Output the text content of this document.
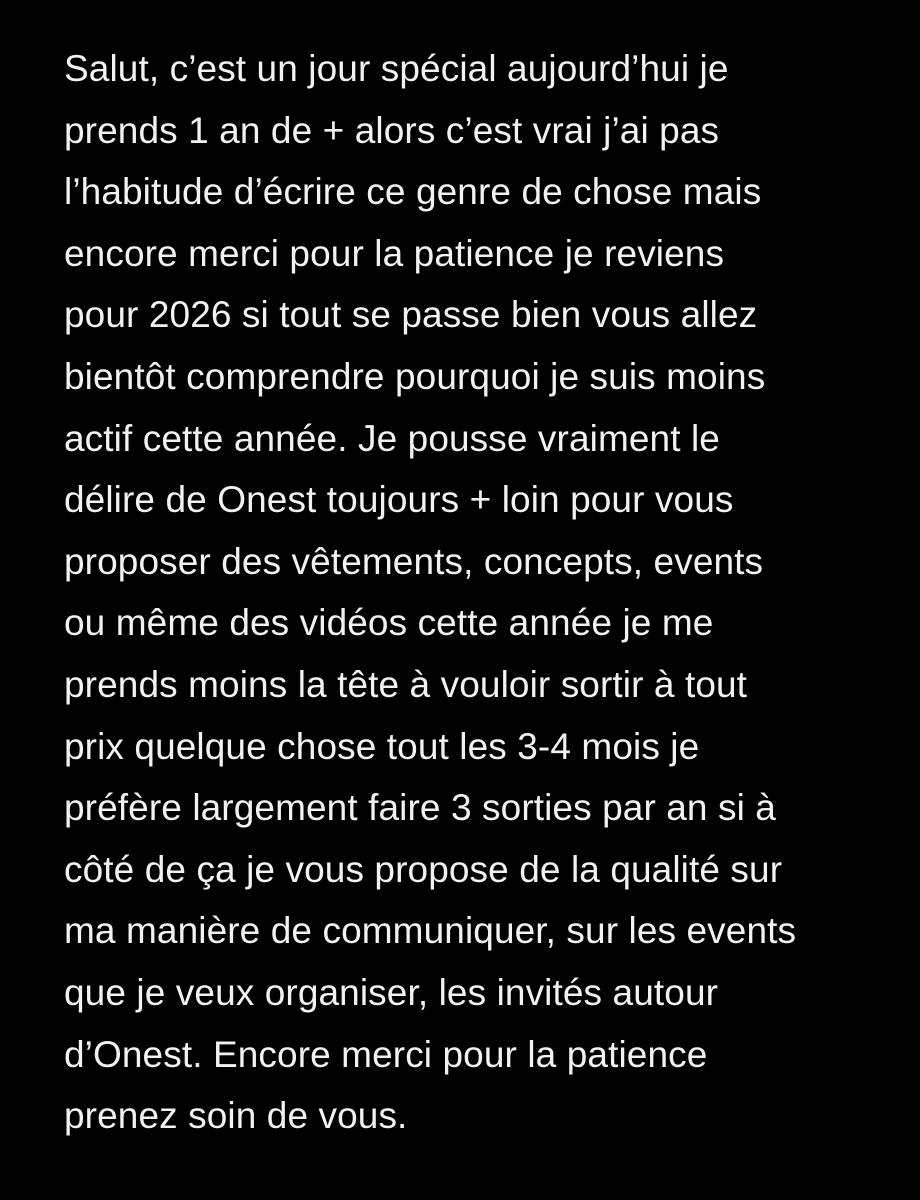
Salut, c’est un jour spécial aujourd’hui je
prends 1 an de + alors c’est vrai j’ai pas
l’habitude d’écrire ce genre de chose mais
encore merci pour la patience je reviens
pour 2026 si tout se passe bien vous allez
bientôt comprendre pourquoi je suis moins
actif cette année. Je pousse vraiment le
délire de Onest toujours + loin pour vous
proposer des vêtements, concepts, events
ou même des vidéos cette année je me
prends moins la tête à vouloir sortir à tout
prix quelque chose tout les 3-4 mois je
préfère largement faire 3 sorties par an si à
côté de ça je vous propose de la qualité sur
ma manière de communiquer, sur les events
que je veux organiser, les invités autour
d’Onest. Encore merci pour la patience
prenez soin de vous.
